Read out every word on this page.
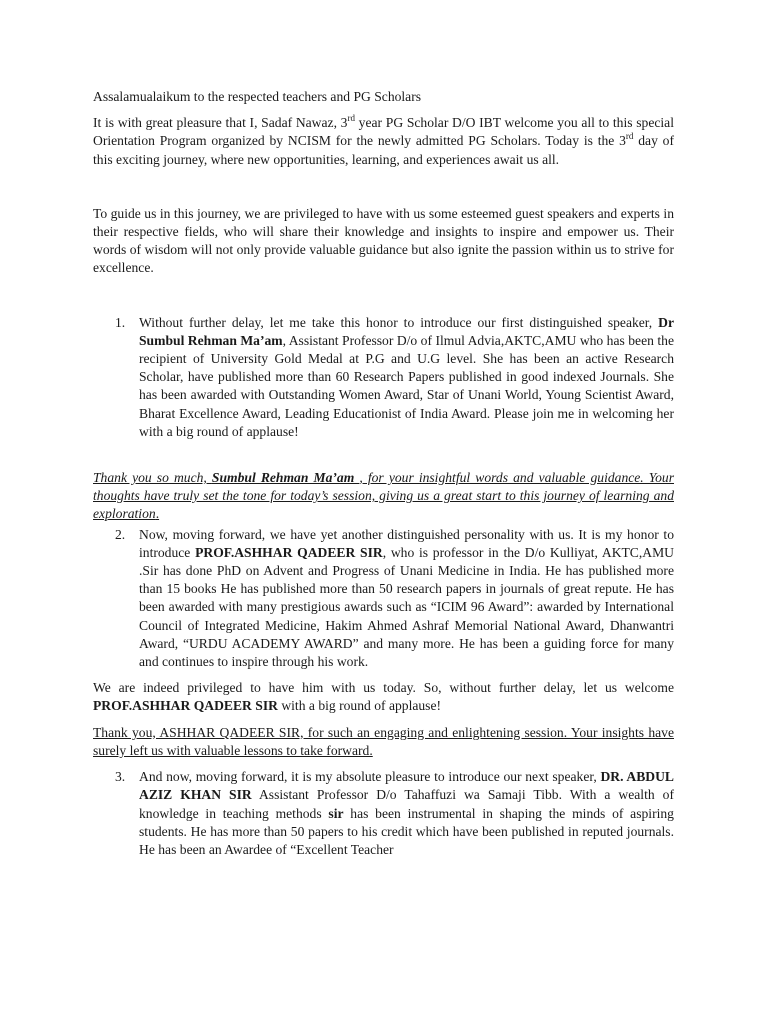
Assalamualaikum to the respected teachers and PG Scholars

It is with great pleasure that I, Sadaf Nawaz, 3rd year PG Scholar D/O IBT welcome you all to this special Orientation Program organized by NCISM for the newly admitted PG Scholars. Today is the 3rd day of this exciting journey, where new opportunities, learning, and experiences await us all.

To guide us in this journey, we are privileged to have with us some esteemed guest speakers and experts in their respective fields, who will share their knowledge and insights to inspire and empower us. Their words of wisdom will not only provide valuable guidance but also ignite the passion within us to strive for excellence.

1. Without further delay, let me take this honor to introduce our first distinguished speaker, Dr Sumbul Rehman Ma’am, Assistant Professor D/o of Ilmul Advia,AKTC,AMU who has been the recipient of University Gold Medal at P.G and U.G level. She has been an active Research Scholar, have published more than 60 Research Papers published in good indexed Journals. She has been awarded with Outstanding Women Award, Star of Unani World, Young Scientist Award, Bharat Excellence Award, Leading Educationist of India Award. Please join me in welcoming her with a big round of applause!

Thank you so much, Sumbul Rehman Ma’am , for your insightful words and valuable guidance. Your thoughts have truly set the tone for today’s session, giving us a great start to this journey of learning and exploration.

2. Now, moving forward, we have yet another distinguished personality with us. It is my honor to introduce PROF.ASHHAR QADEER SIR, who is professor in the D/o Kulliyat, AKTC,AMU .Sir has done PhD on Advent and Progress of Unani Medicine in India. He has published more than 15 books He has published more than 50 research papers in journals of great repute. He has been awarded with many prestigious awards such as “ICIM 96 Award”: awarded by International Council of Integrated Medicine, Hakim Ahmed Ashraf Memorial National Award, Dhanwantri Award, “URDU ACADEMY AWARD” and many more. He has been a guiding force for many and continues to inspire through his work.

We are indeed privileged to have him with us today. So, without further delay, let us welcome PROF.ASHHAR QADEER SIR with a big round of applause!

Thank you, ASHHAR QADEER SIR, for such an engaging and enlightening session. Your insights have surely left us with valuable lessons to take forward.

3. And now, moving forward, it is my absolute pleasure to introduce our next speaker, DR. ABDUL AZIZ KHAN SIR Assistant Professor D/o Tahaffuzi wa Samaji Tibb. With a wealth of knowledge in teaching methods sir has been instrumental in shaping the minds of aspiring students. He has more than 50 papers to his credit which have been published in reputed journals. He has been an Awardee of “Excellent Teacher
